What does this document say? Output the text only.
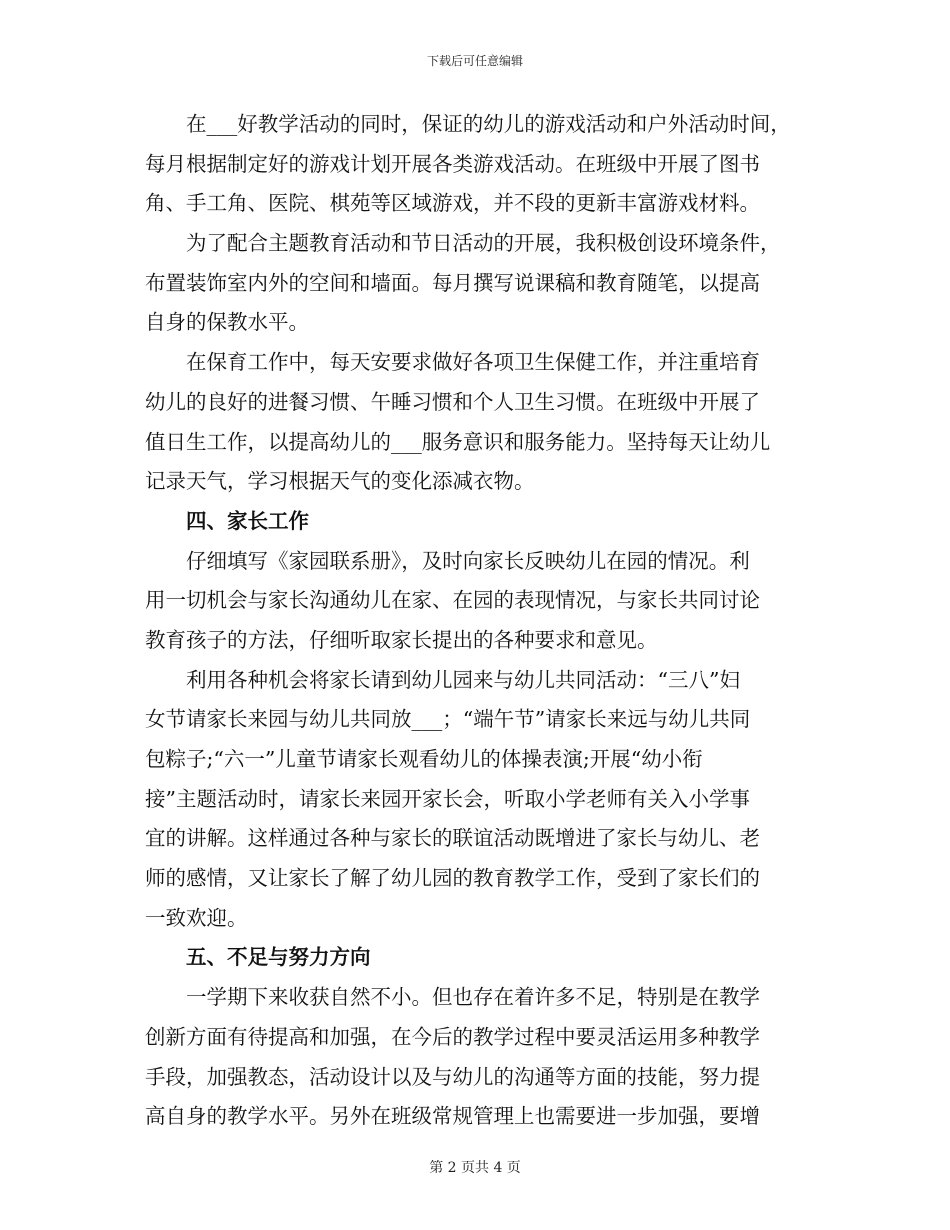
下载后可任意编辑
在___好教学活动的同时，保证的幼儿的游戏活动和户外活动时间，
每月根据制定好的游戏计划开展各类游戏活动。在班级中开展了图书
角、手工角、医院、棋苑等区域游戏，并不段的更新丰富游戏材料。
为了配合主题教育活动和节日活动的开展，我积极创设环境条件，
布置装饰室内外的空间和墙面。每月撰写说课稿和教育随笔，以提高
自身的保教水平。
在保育工作中，每天安要求做好各项卫生保健工作，并注重培育
幼儿的良好的进餐习惯、午睡习惯和个人卫生习惯。在班级中开展了
值日生工作，以提高幼儿的___服务意识和服务能力。坚持每天让幼儿
记录天气，学习根据天气的变化添减衣物。
四、家长工作
仔细填写《家园联系册》，及时向家长反映幼儿在园的情况。利
用一切机会与家长沟通幼儿在家、在园的表现情况，与家长共同讨论
教育孩子的方法，仔细听取家长提出的各种要求和意见。
利用各种机会将家长请到幼儿园来与幼儿共同活动：“三八”妇
女节请家长来园与幼儿共同放___；“端午节”请家长来远与幼儿共同
包粽子;“六一”儿童节请家长观看幼儿的体操表演;开展“幼小衔
接”主题活动时，请家长来园开家长会，听取小学老师有关入小学事
宜的讲解。这样通过各种与家长的联谊活动既增进了家长与幼儿、老
师的感情，又让家长了解了幼儿园的教育教学工作，受到了家长们的
一致欢迎。
五、不足与努力方向
一学期下来收获自然不小。但也存在着许多不足，特别是在教学
创新方面有待提高和加强，在今后的教学过程中要灵活运用多种教学
手段，加强教态，活动设计以及与幼儿的沟通等方面的技能，努力提
高自身的教学水平。另外在班级常规管理上也需要进一步加强，要增
第 2 页共 4 页
